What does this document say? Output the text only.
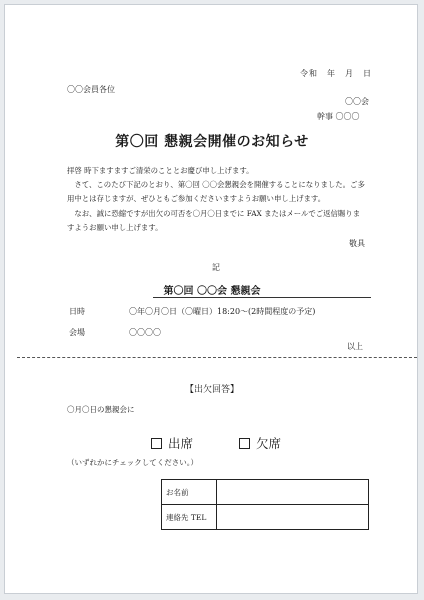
令和　年　月　日
〇〇会員各位
〇〇会
幹事 〇〇〇
第〇回 懇親会開催のお知らせ

拝啓 時下ますますご清栄のこととお慶び申し上げます。

　さて、このたび下記のとおり、第〇回 〇〇会懇親会を開催することになりました。ご多用中とは存じますが、ぜひともご参加くださいますようお願い申し上げます。

　なお、誠に恐縮ですが出欠の可否を〇月〇日までに FAX またはメールでご返信賜りますようお願い申し上げます。

敬具
記
第〇回 〇〇会 懇親会
日時	〇年〇月〇日（〇曜日）18:20～(2時間程度の予定)
会場	〇〇〇〇
以上
【出欠回答】
〇月〇日の懇親会に
出席	欠席
（いずれかにチェックしてください。）
お名前	
連絡先 TEL	
